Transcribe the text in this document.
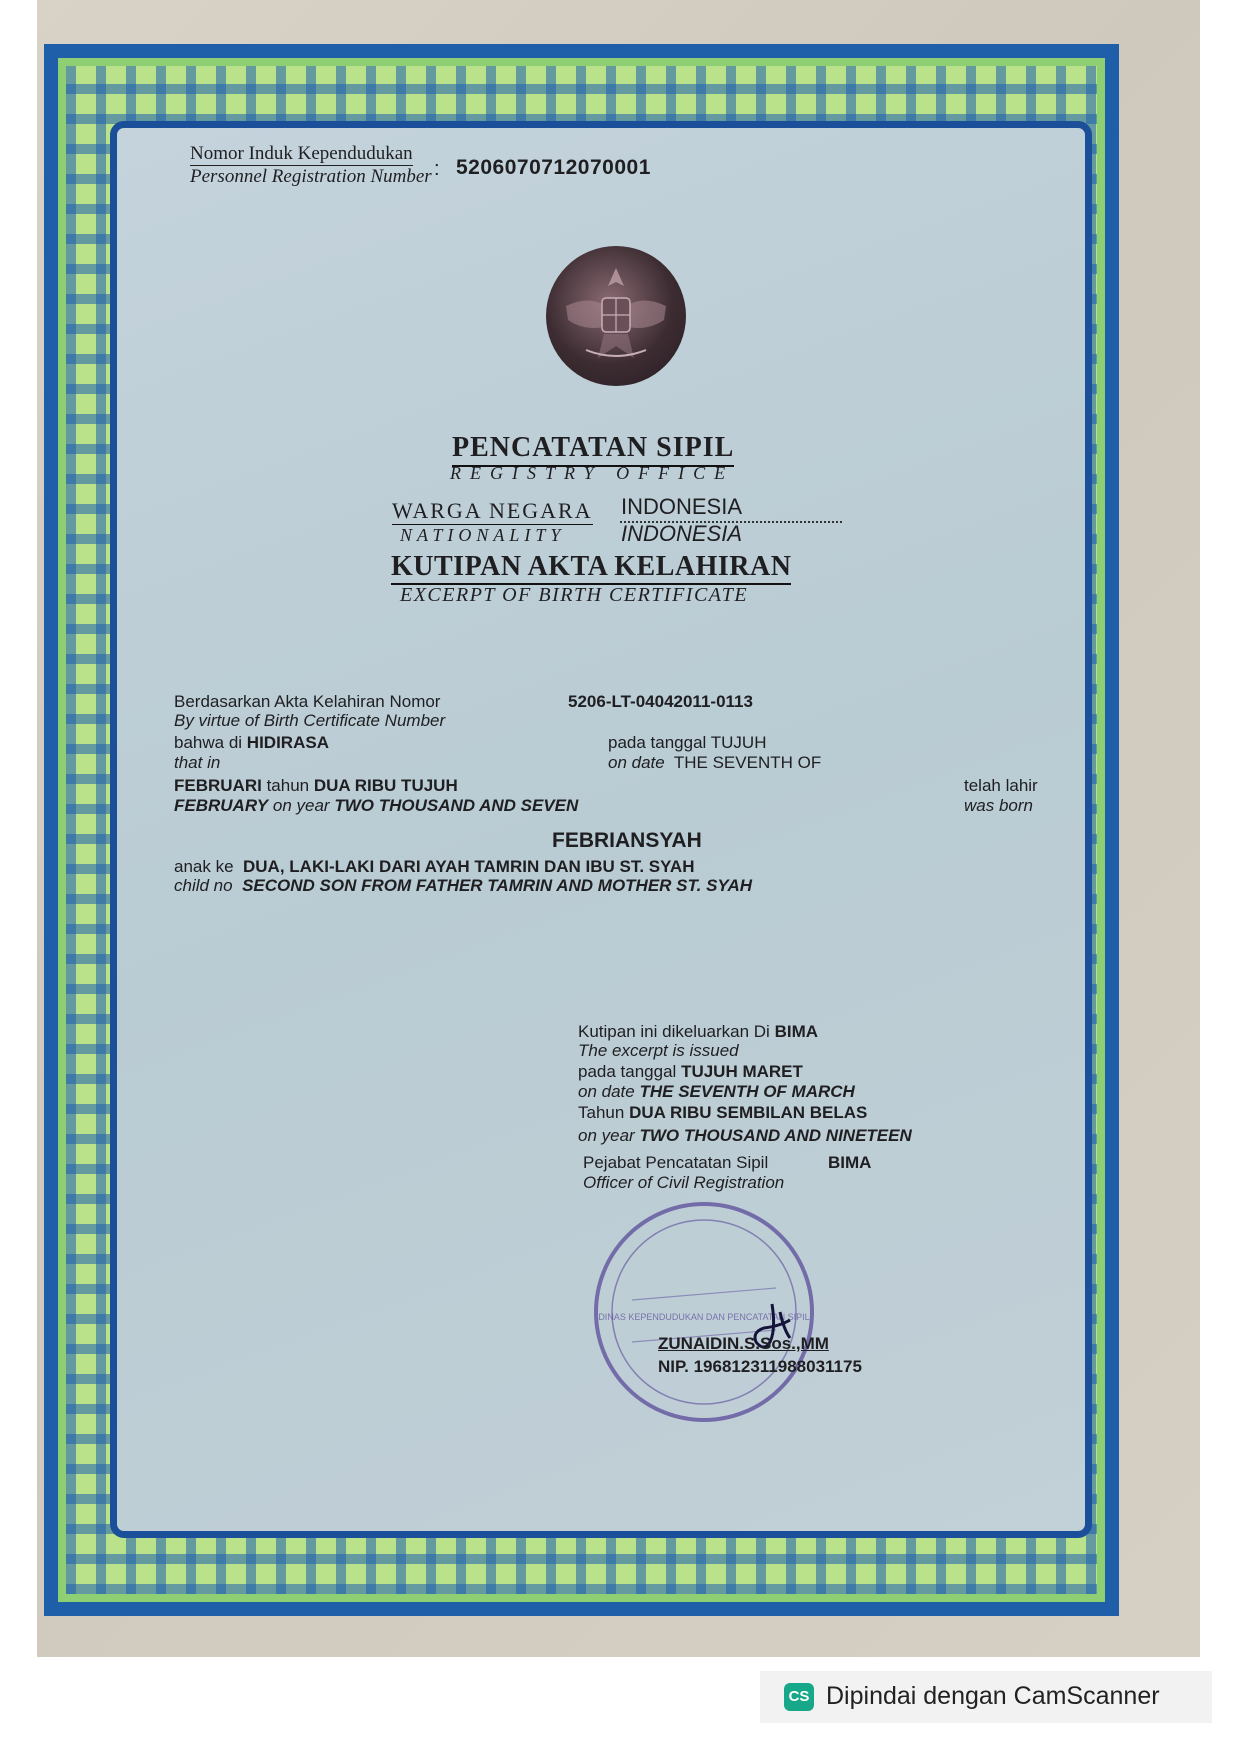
Nomor Induk Kependudukan
Personnel Registration Number : 5206070712070001
PENCATATAN SIPIL
REGISTRY OFFICE
WARGA NEGARA
NATIONALITY
INDONESIA
INDONESIA
KUTIPAN AKTA KELAHIRAN
EXCERPT OF BIRTH CERTIFICATE
Berdasarkan Akta Kelahiran Nomor
By virtue of Birth Certificate Number
5206-LT-04042011-0113
bahwa di HIDIRASA
that in
pada tanggal TUJUH
on date THE SEVENTH OF
FEBRUARI tahun DUA RIBU TUJUH
FEBRUARY on year TWO THOUSAND AND SEVEN
telah lahir
was born
FEBRIANSYAH
anak ke DUA, LAKI-LAKI DARI AYAH TAMRIN DAN IBU ST. SYAH
child no SECOND SON FROM FATHER TAMRIN AND MOTHER ST. SYAH
Kutipan ini dikeluarkan Di BIMA
The excerpt is issued
pada tanggal TUJUH MARET
on date THE SEVENTH OF MARCH
Tahun DUA RIBU SEMBILAN BELAS
on year TWO THOUSAND AND NINETEEN
Pejabat Pencatatan Sipil	BIMA
Officer of Civil Registration
DINAS KEPENDUDUKAN DAN PENCATATAN SIPIL
ZUNAIDIN.S.Sos.,MM
NIP. 196812311988031175
CS Dipindai dengan CamScanner
